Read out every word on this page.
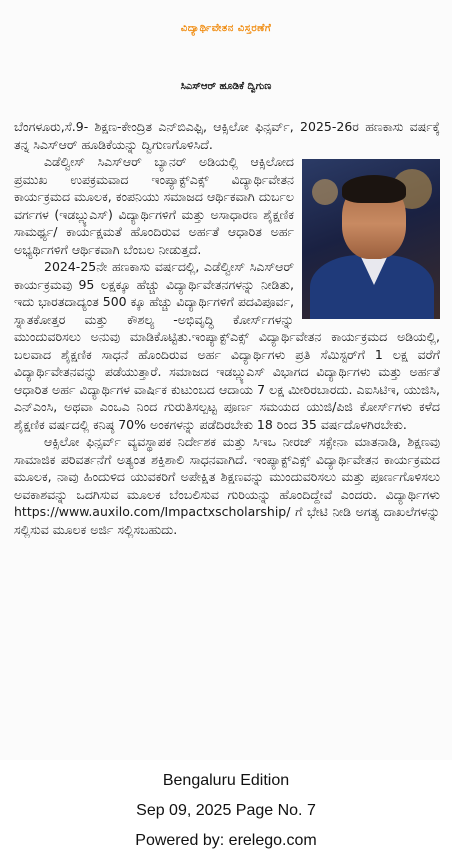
ವಿದ್ಯಾರ್ಥಿವೇತನ ವಿಸ್ತರಣೆಗೆ
ಸಿಎಸ್‌ಆರ್ ಹೂಡಿಕೆ ದ್ವಿಗುಣ

ಬೆಂಗಳೂರು,ಸೆ.9- ಶಿಕ್ಷಣ-ಕೇಂದ್ರಿತ ಎನ್‌ಬಿಎಫ್ಸಿ, ಆಕ್ಸಿಲೋ ಫಿನ್ಸರ್ವ್, 2025-26ರ ಹಣಕಾಸು ವರ್ಷಕ್ಕೆ ತನ್ನ ಸಿಎಸ್‌ಆರ್ ಹೂಡಿಕೆಯನ್ನು ದ್ವಿಗುಣಗೊಳಿಸಿದೆ.

ಎಡೆಲ್ವೀಸ್ ಸಿಎಸ್‌ಆರ್ ಬ್ಯಾನರ್ ಅಡಿಯಲ್ಲಿ ಆಕ್ಸಿಲೋದ ಪ್ರಮುಖ ಉಪಕ್ರಮವಾದ ಇಂಪ್ಯಾಕ್ಟ್‌ಎಕ್ಸ್ ವಿದ್ಯಾರ್ಥಿವೇತನ ಕಾರ್ಯಕ್ರಮದ ಮೂಲಕ, ಕಂಪನಿಯು ಸಮಾಜದ ಆರ್ಥಿಕವಾಗಿ ದುರ್ಬಲ ವರ್ಗಗಳ (ಇಡಬ್ಲ್ಯುಎಸ್) ವಿದ್ಯಾರ್ಥಿಗಳಿಗೆ ಮತ್ತು ಅಸಾಧಾರಣ ಶೈಕ್ಷಣಿಕ ಸಾಮರ್ಥ್ಯ/ ಕಾರ್ಯಕ್ಷಮತೆ ಹೊಂದಿರುವ ಅರ್ಹತೆ ಆಧಾರಿತ ಅರ್ಹ ಅಭ್ಯರ್ಥಿಗಳಿಗೆ ಆರ್ಥಿಕವಾಗಿ ಬೆಂಬಲ ನೀಡುತ್ತದೆ.

2024-25ನೇ ಹಣಕಾಸು ವರ್ಷದಲ್ಲಿ, ಎಡೆಲ್ವೀಸ್ ಸಿಎಸ್‌ಆರ್ ಕಾರ್ಯಕ್ರಮವು 95 ಲಕ್ಷಕ್ಕೂ ಹೆಚ್ಚು ವಿದ್ಯಾರ್ಥಿವೇತನಗಳನ್ನು ನೀಡಿತು, ಇದು ಭಾರತದಾದ್ಯಂತ 500 ಕ್ಕೂ ಹೆಚ್ಚು ವಿದ್ಯಾರ್ಥಿಗಳಿಗೆ ಪದವಿಪೂರ್ವ, ಸ್ನಾತಕೋತ್ತರ ಮತ್ತು ಕೌಶಲ್ಯ -ಅಭಿವೃದ್ಧಿ ಕೋರ್ಸ್‌ಗಳನ್ನು ಮುಂದುವರಿಸಲು ಅನುವು ಮಾಡಿಕೊಟ್ಟಿತು.ಇಂಪ್ಯಾಕ್ಟ್‌ಎಕ್ಸ್ ವಿದ್ಯಾರ್ಥಿವೇತನ ಕಾರ್ಯಕ್ರಮದ ಅಡಿಯಲ್ಲಿ, ಬಲವಾದ ಶೈಕ್ಷಣಿಕ ಸಾಧನೆ ಹೊಂದಿರುವ ಅರ್ಹ ವಿದ್ಯಾರ್ಥಿಗಳು ಪ್ರತಿ ಸೆಮಿಸ್ಟರ್‌ಗೆ 1 ಲಕ್ಷ ವರೆಗೆ ವಿದ್ಯಾರ್ಥಿವೇತನವನ್ನು ಪಡೆಯುತ್ತಾರೆ. ಸಮಾಜದ ಇಡಬ್ಲ್ಯುಎಸ್ ವಿಭಾಗದ ವಿದ್ಯಾರ್ಥಿಗಳು ಮತ್ತು ಅರ್ಹತೆ ಆಧಾರಿತ ಅರ್ಹ ವಿದ್ಯಾರ್ಥಿಗಳ ವಾರ್ಷಿಕ ಕುಟುಂಬದ ಆದಾಯ 7 ಲಕ್ಷ ಮೀರಿರಬಾರದು. ಎಐಸಿಟಿಇ, ಯುಜಿಸಿ, ಎನ್‌ಎಂಸಿ, ಅಥವಾ ಎಂಒಎ ನಿಂದ ಗುರುತಿಸಲ್ಪಟ್ಟ ಪೂರ್ಣ ಸಮಯದ ಯುಜಿ/ಪಿಜಿ ಕೋರ್ಸ್‌ಗಳು ಕಳೆದ ಶೈಕ್ಷಣಿಕ ವರ್ಷದಲ್ಲಿ ಕನಿಷ್ಠ 70% ಅಂಕಗಳನ್ನು ಪಡೆದಿರಬೇಕು 18 ರಿಂದ 35 ವರ್ಷದೊಳಗಿರಬೇಕು.

ಆಕ್ಸಿಲೋ ಫಿನ್ಸರ್ವ್ ವ್ಯವಸ್ಥಾಪಕ ನಿರ್ದೇಶಕ ಮತ್ತು ಸಿಇಒ ನೀರಜ್ ಸಕ್ಸೇನಾ ಮಾತನಾಡಿ, ಶಿಕ್ಷಣವು ಸಾಮಾಜಿಕ ಪರಿವರ್ತನೆಗೆ ಅತ್ಯಂತ ಶಕ್ತಿಶಾಲಿ ಸಾಧನವಾಗಿದೆ. ಇಂಪ್ಯಾಕ್ಟ್‌ಎಕ್ಸ್ ವಿದ್ಯಾರ್ಥಿವೇತನ ಕಾರ್ಯಕ್ರಮದ ಮೂಲಕ, ನಾವು ಹಿಂದುಳಿದ ಯುವಕರಿಗೆ ಅಪೇಕ್ಷಿತ ಶಿಕ್ಷಣವನ್ನು ಮುಂದುವರಿಸಲು ಮತ್ತು ಪೂರ್ಣಗೊಳಿಸಲು ಅವಕಾಶವನ್ನು ಒದಗಿಸುವ ಮೂಲಕ ಬೆಂಬಲಿಸುವ ಗುರಿಯನ್ನು ಹೊಂದಿದ್ದೇವೆ ಎಂದರು. ವಿದ್ಯಾರ್ಥಿಗಳು https://www.auxilo.com/Impactxscholarship/ ಗೆ ಭೇಟಿ ನೀಡಿ ಅಗತ್ಯ ದಾಖಲೆಗಳನ್ನು ಸಲ್ಲಿಸುವ ಮೂಲಕ ಅರ್ಜಿ ಸಲ್ಲಿಸಬಹುದು.

Bengaluru Edition
Sep 09, 2025 Page No. 7
Powered by: erelego.com
